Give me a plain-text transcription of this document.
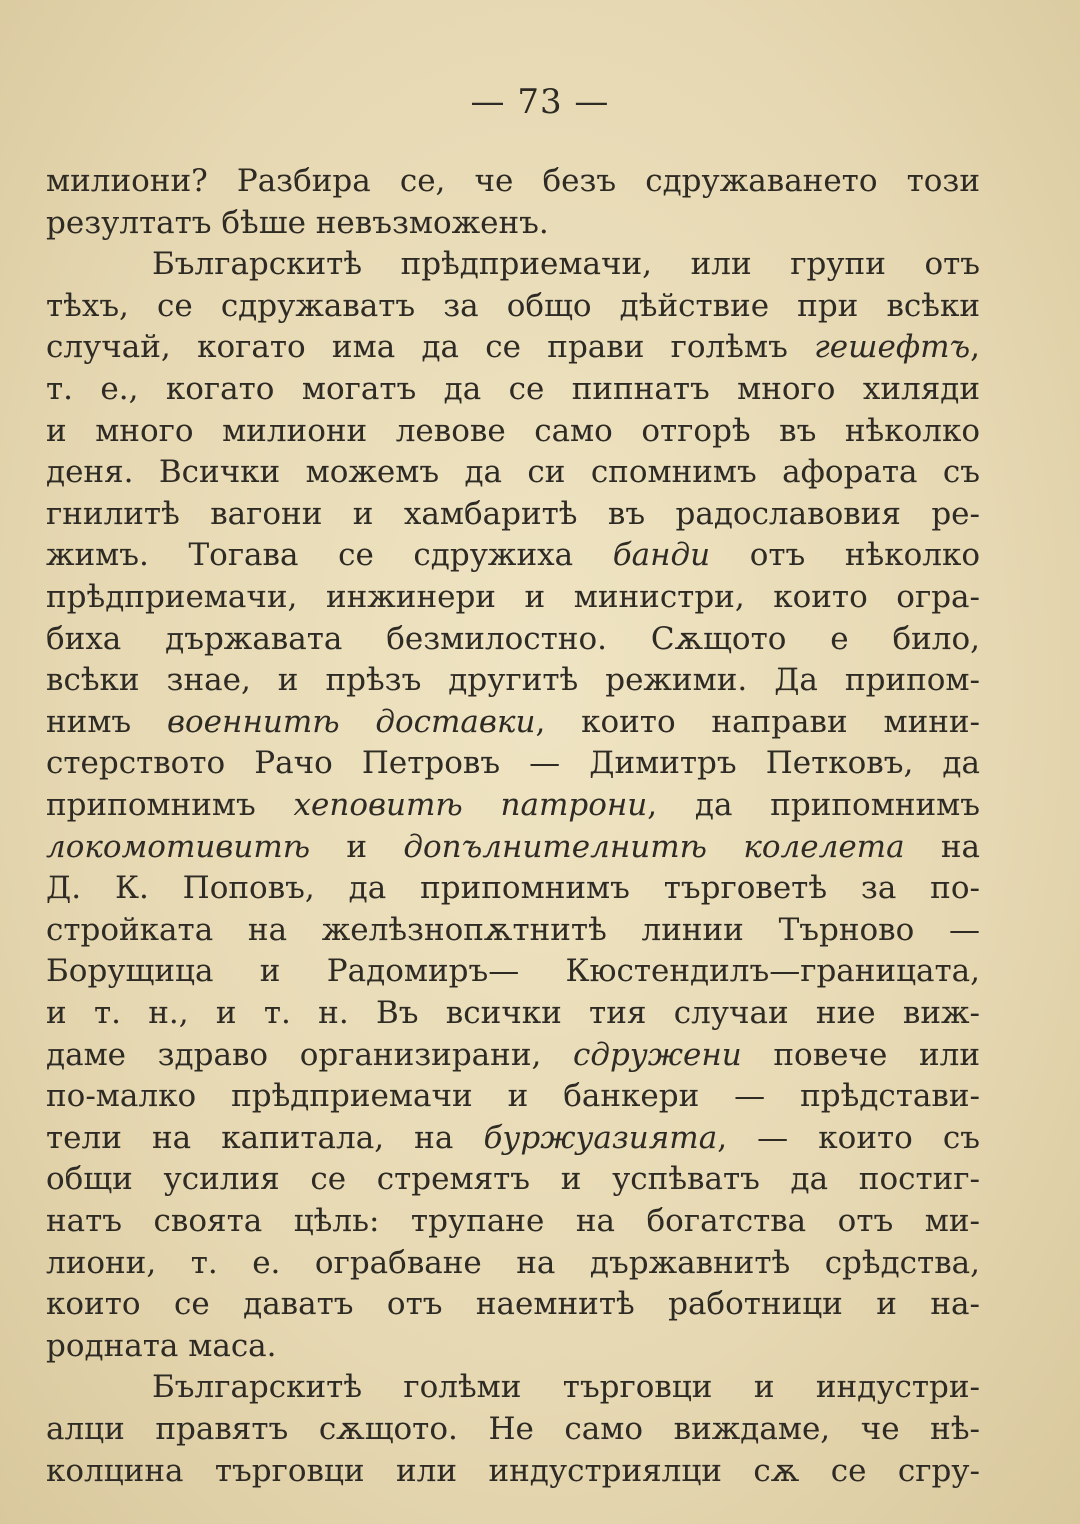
— 73 —
милиони? Разбира се, че безъ сдружаването този
резултатъ бѣше невъзможенъ.
Българскитѣ прѣдприемачи, или групи отъ
тѣхъ, се сдружаватъ за общо дѣйствие при всѣки
случай, когато има да се прави голѣмъ гешефтъ,
т. е., когато могатъ да се пипнатъ много хиляди
и много милиони левове само отгорѣ въ нѣколко
деня. Всички можемъ да си спомнимъ афората съ
гнилитѣ вагони и хамбаритѣ въ радославовия ре-
жимъ. Тогава се сдружиха банди отъ нѣколко
прѣдприемачи, инжинери и министри, които огра-
биха държавата безмилостно. Сѫщото е било,
всѣки знае, и прѣзъ другитѣ режими. Да припом-
нимъ военнитѣ доставки, които направи мини-
стерството Рачо Петровъ — Димитръ Петковъ, да
припомнимъ хеповитѣ патрони, да припомнимъ
локомотивитѣ и допълнителнитѣ колелета на
Д. К. Поповъ, да припомнимъ търговетѣ за по-
стройката на желѣзнопѫтнитѣ линии Търново —
Борущица и Радомиръ— Кюстендилъ—границата,
и т. н., и т. н. Въ всички тия случаи ние виж-
даме здраво организирани, сдружени повече или
по-малко прѣдприемачи и банкери — прѣдстави-
тели на капитала, на буржуазията, — които съ
общи усилия се стремятъ и успѣватъ да постиг-
натъ своята цѣль: трупане на богатства отъ ми-
лиони, т. е. ограбване на държавнитѣ срѣдства,
които се даватъ отъ наемнитѣ работници и на-
родната маса.
Българскитѣ голѣми търговци и индустри-
алци правятъ сѫщото. Не само виждаме, че нѣ-
колцина търговци или индустриялци сѫ се сгру-
